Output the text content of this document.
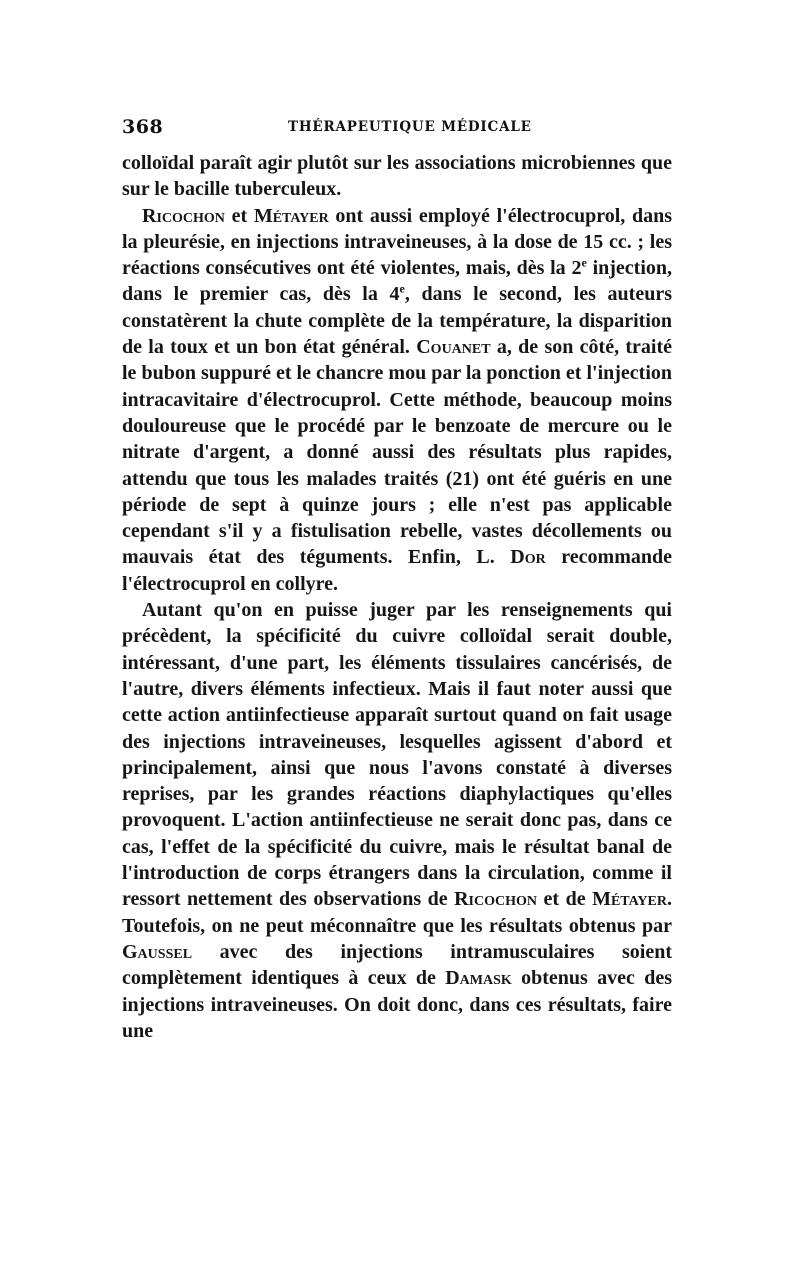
368	THÉRAPEUTIQUE MÉDICALE

colloïdal paraît agir plutôt sur les associations microbiennes que sur le bacille tuberculeux.

Ricochon et Métayer ont aussi employé l'électrocuprol, dans la pleurésie, en injections intraveineuses, à la dose de 15 cc. ; les réactions consécutives ont été violentes, mais, dès la 2e injection, dans le premier cas, dès la 4e, dans le second, les auteurs constatèrent la chute complète de la température, la disparition de la toux et un bon état général. Couanet a, de son côté, traité le bubon suppuré et le chancre mou par la ponction et l'injection intracavitaire d'électrocuprol. Cette méthode, beaucoup moins douloureuse que le procédé par le benzoate de mercure ou le nitrate d'argent, a donné aussi des résultats plus rapides, attendu que tous les malades traités (21) ont été guéris en une période de sept à quinze jours ; elle n'est pas applicable cependant s'il y a fistulisation rebelle, vastes décollements ou mauvais état des téguments. Enfin, L. Dor recommande l'électrocuprol en collyre.

Autant qu'on en puisse juger par les renseignements qui précèdent, la spécificité du cuivre colloïdal serait double, intéressant, d'une part, les éléments tissulaires cancérisés, de l'autre, divers éléments infectieux. Mais il faut noter aussi que cette action antiinfectieuse apparaît surtout quand on fait usage des injections intraveineuses, lesquelles agissent d'abord et principalement, ainsi que nous l'avons constaté à diverses reprises, par les grandes réactions diaphylactiques qu'elles provoquent. L'action antiinfectieuse ne serait donc pas, dans ce cas, l'effet de la spécificité du cuivre, mais le résultat banal de l'introduction de corps étrangers dans la circulation, comme il ressort nettement des observations de Ricochon et de Métayer. Toutefois, on ne peut méconnaître que les résultats obtenus par Gaussel avec des injections intramusculaires soient complètement identiques à ceux de Damask obtenus avec des injections intraveineuses. On doit donc, dans ces résultats, faire une
